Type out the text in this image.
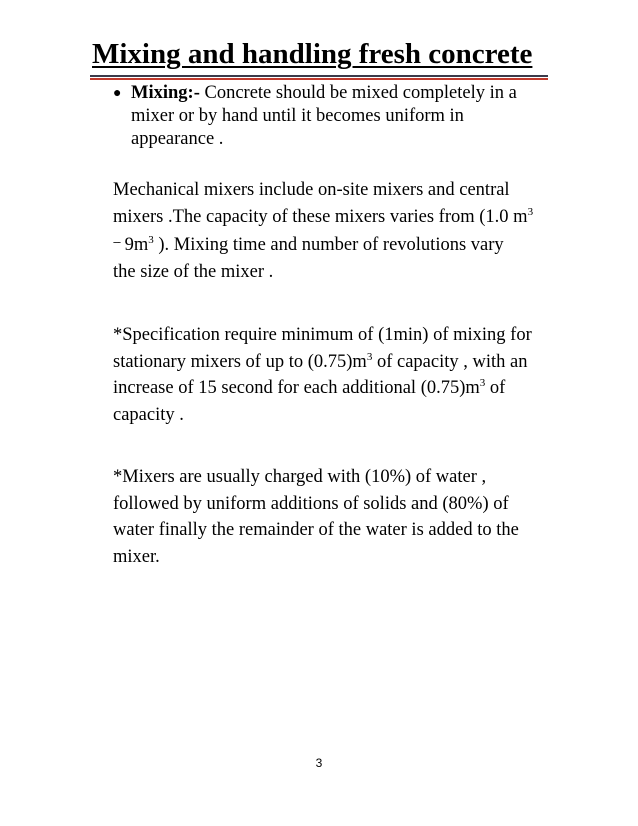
Mixing and handling fresh concrete
● Mixing:- Concrete should be mixed completely in a
mixer or by hand until it becomes uniform in
appearance .
Mechanical mixers include on-site mixers and central
mixers .The capacity of these mixers varies from (1.0 $m^3$
--- $9m^3$ ). Mixing time and number of revolutions vary
the size of the mixer .
*Specification require minimum of (1min) of mixing for
stationary mixers of up to $(0.75)m^3$ of capacity , with an
increase of 15 second for each additional $(0.75)m^3$ of
capacity .
*Mixers are usually charged with (10%) of water ,
followed by uniform additions of solids and (80%) of
water finally the remainder of the water is added to the
mixer.
3
